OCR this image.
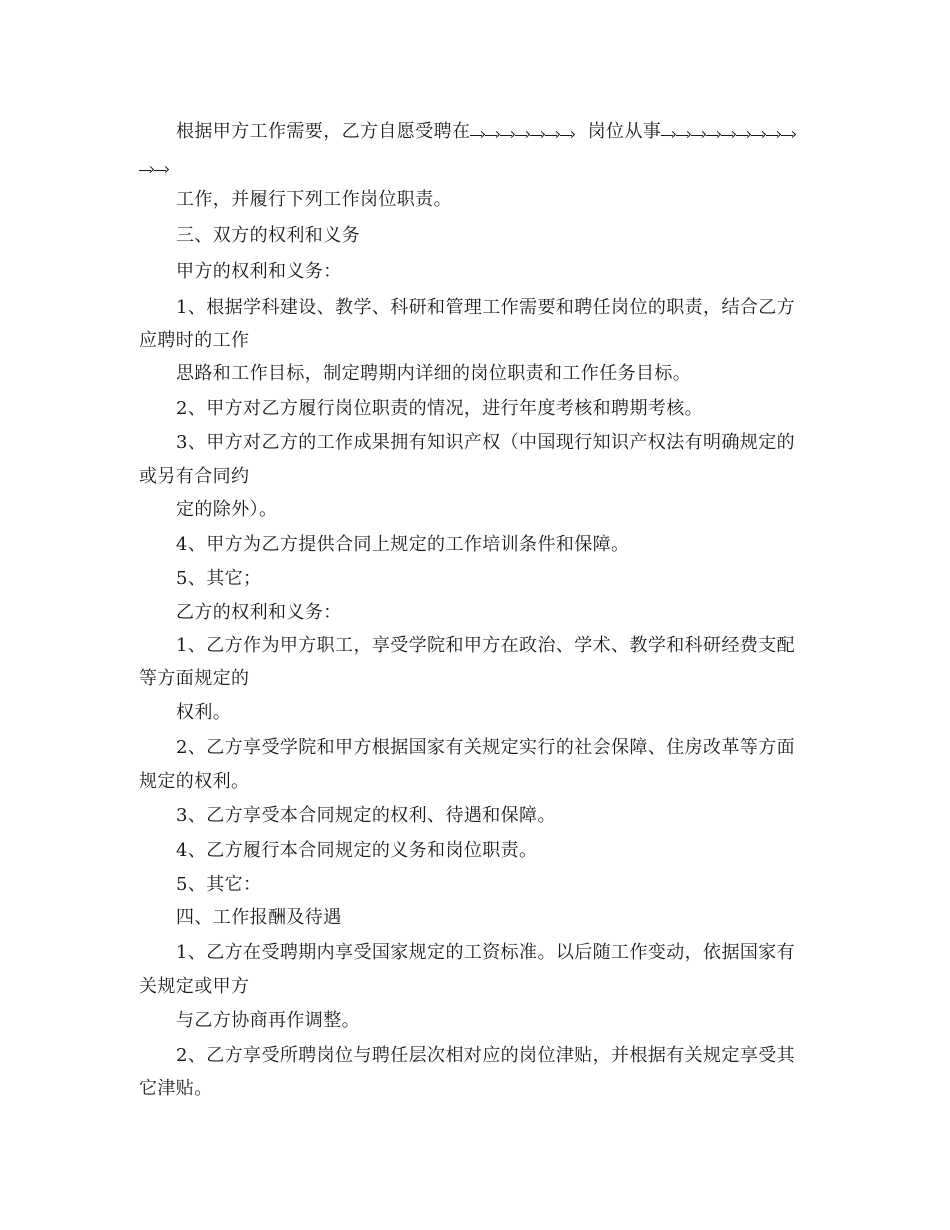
根据甲方工作需要，乙方自愿受聘在	岗位从事
工作，并履行下列工作岗位职责。
三、双方的权利和义务
甲方的权利和义务：
1、根据学科建设、教学、科研和管理工作需要和聘任岗位的职责，结合乙方
应聘时的工作
思路和工作目标，制定聘期内详细的岗位职责和工作任务目标。
2、甲方对乙方履行岗位职责的情况，进行年度考核和聘期考核。
3、甲方对乙方的工作成果拥有知识产权（中国现行知识产权法有明确规定的
或另有合同约
定的除外）。
4、甲方为乙方提供合同上规定的工作培训条件和保障。
5、其它；
乙方的权利和义务：
1、乙方作为甲方职工，享受学院和甲方在政治、学术、教学和科研经费支配
等方面规定的
权利。
2、乙方享受学院和甲方根据国家有关规定实行的社会保障、住房改革等方面
规定的权利。
3、乙方享受本合同规定的权利、待遇和保障。
4、乙方履行本合同规定的义务和岗位职责。
5、其它：
四、工作报酬及待遇
1、乙方在受聘期内享受国家规定的工资标准。以后随工作变动，依据国家有
关规定或甲方
与乙方协商再作调整。
2、乙方享受所聘岗位与聘任层次相对应的岗位津贴，并根据有关规定享受其
它津贴。
